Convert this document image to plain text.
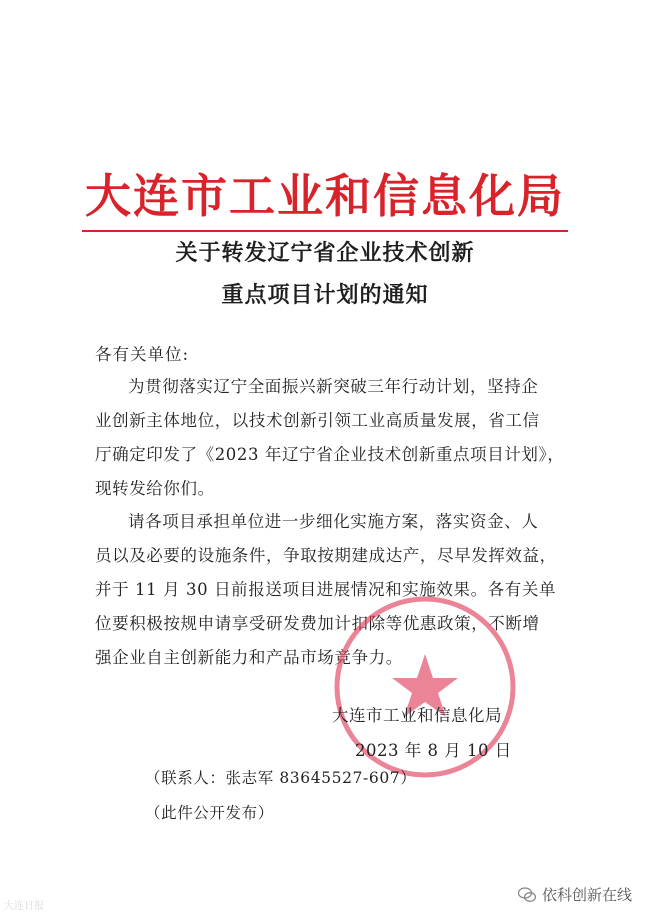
大连市工业和信息化局
关于转发辽宁省企业技术创新
重点项目计划的通知
各有关单位:
为贯彻落实辽宁全面振兴新突破三年行动计划，坚持企
业创新主体地位，以技术创新引领工业高质量发展，省工信
厅确定印发了《2023 年辽宁省企业技术创新重点项目计划》，
现转发给你们。
请各项目承担单位进一步细化实施方案，落实资金、人
员以及必要的设施条件，争取按期建成达产，尽早发挥效益，
并于 11 月 30 日前报送项目进展情况和实施效果。各有关单
位要积极按规申请享受研发费加计扣除等优惠政策，不断增
强企业自主创新能力和产品市场竞争力。
大连市工业和信息化局
2023 年 8 月 10 日
（联系人：张志军 83645527-607）
（此件公开发布）
大连日报
依科创新在线
